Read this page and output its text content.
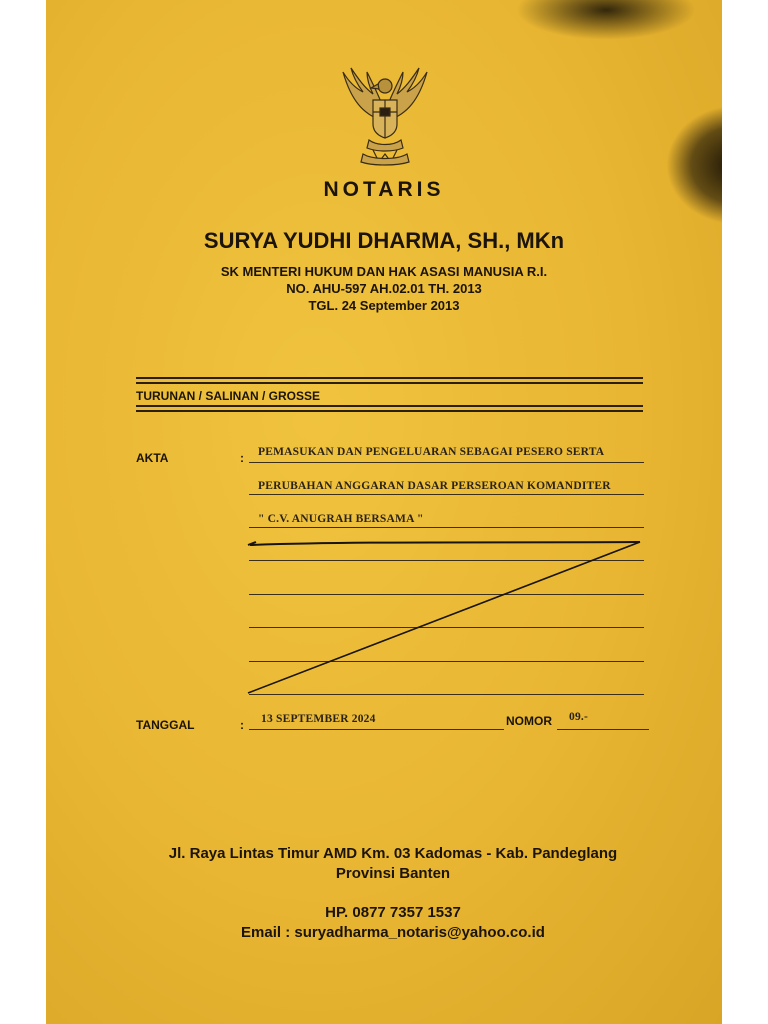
NOTARIS
SURYA YUDHI DHARMA, SH., MKn
SK MENTERI HUKUM DAN HAK ASASI MANUSIA R.I.
NO. AHU-597 AH.02.01 TH. 2013
TGL. 24 September 2013
TURUNAN / SALINAN / GROSSE
AKTA	: PEMASUKAN DAN PENGELUARAN SEBAGAI PESERO SERTA
PERUBAHAN ANGGARAN DASAR PERSEROAN KOMANDITER
" C.V. ANUGRAH BERSAMA "
TANGGAL	: 13 SEPTEMBER 2024	NOMOR 09.-
Jl. Raya Lintas Timur AMD Km. 03 Kadomas - Kab. Pandeglang
Provinsi Banten
HP. 0877 7357 1537
Email : suryadharma_notaris@yahoo.co.id
